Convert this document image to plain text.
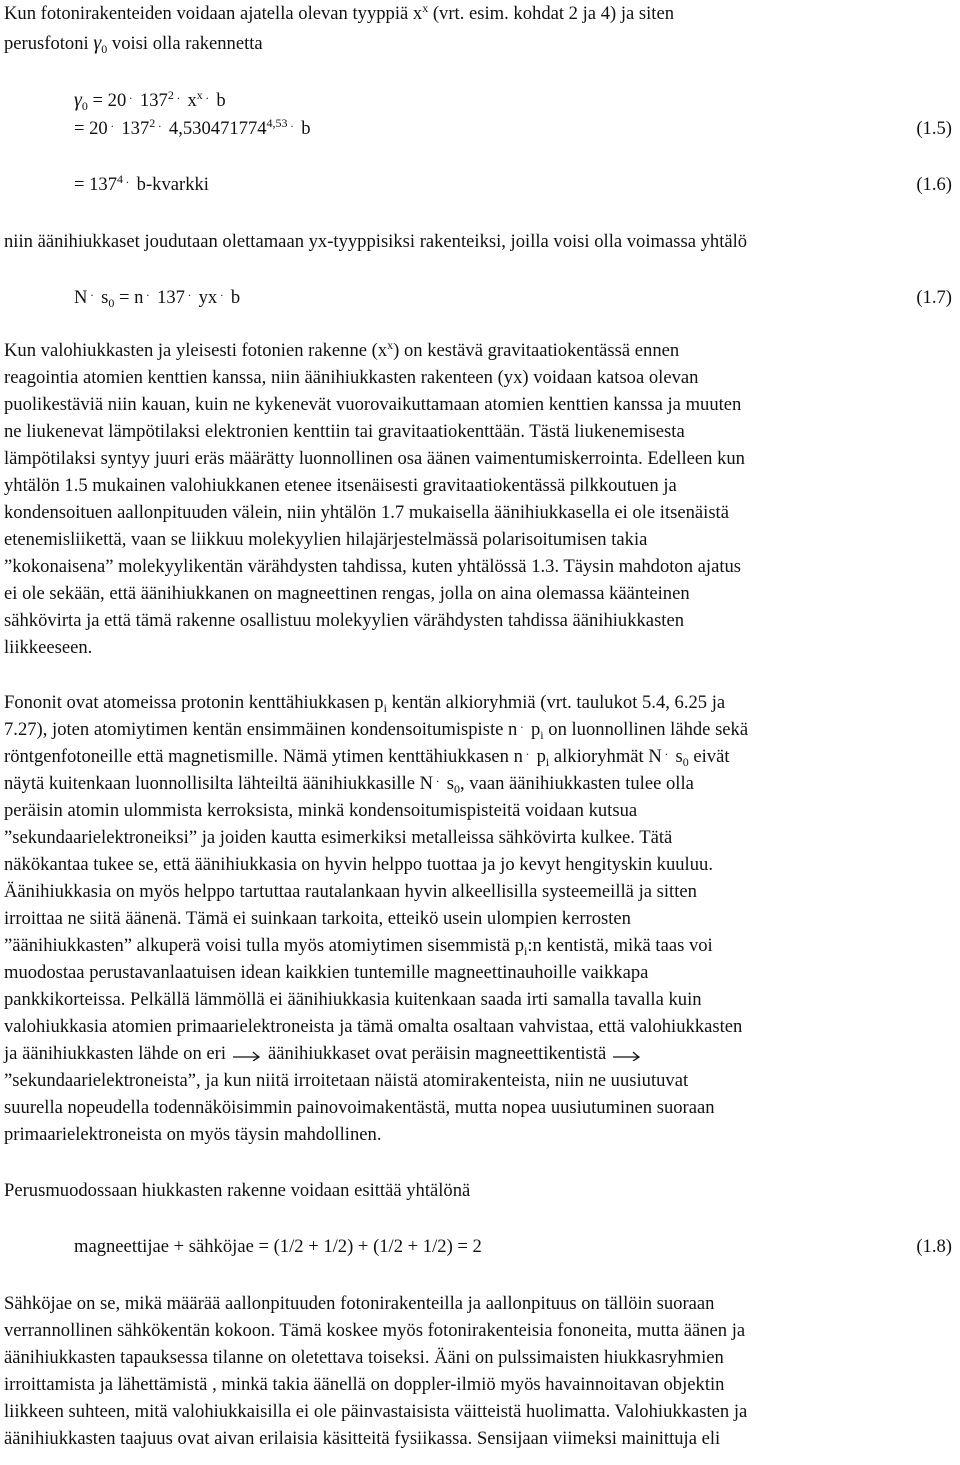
Kun fotonirakenteiden voidaan ajatella olevan tyyppiä $x^x$ (vrt. esim. kohdat 2 ja 4) ja siten
perusfotoni $\gamma_0$ voisi olla rakennetta
$\gamma_0 = 20$ . $137^2$ . $x^x$ . b
= 20 . $137^2$ . 4,530471774$^{4,53}$ . b	(1.5)
= $137^4$ . b-kvarkki	(1.6)
niin äänihiukkaset joudutaan olettamaan yx-tyyppisiksi rakenteiksi, joilla voisi olla voimassa yhtälö
N . $s_0 = n$ . 137 . yx . b	(1.7)
Kun valohiukkasten ja yleisesti fotonien rakenne $(x^x)$ on kestävä gravitaatiokentässä ennen
reagointia atomien kenttien kanssa, niin äänihiukkasten rakenteen (yx) voidaan katsoa olevan
puolikestäviä niin kauan, kuin ne kykenevät vuorovaikuttamaan atomien kenttien kanssa ja muuten
ne liukenevat lämpötilaksi elektronien kenttiin tai gravitaatiokenttään. Tästä liukenemisesta
lämpötilaksi syntyy juuri eräs määrätty luonnollinen osa äänen vaimentumiskerrointa. Edelleen kun
yhtälön 1.5 mukainen valohiukkanen etenee itsenäisesti gravitaatiokentässä pilkkoutuen ja
kondensoituen aallonpituuden välein, niin yhtälön 1.7 mukaisella äänihiukkasella ei ole itsenäistä
etenemisliikettä, vaan se liikkuu molekyylien hilajärjestelmässä polarisoitumisen takia
”kokonaisena” molekyylikentän värähdysten tahdissa, kuten yhtälössä 1.3. Täysin mahdoton ajatus
ei ole sekään, että äänihiukkanen on magneettinen rengas, jolla on aina olemassa käänteinen
sähkövirta ja että tämä rakenne osallistuu molekyylien värähdysten tahdissa äänihiukkasten
liikkeeseen.
Fononit ovat atomeissa protonin kenttähiukkasen $p_i$ kentän alkioryhmiä (vrt. taulukot 5.4, 6.25 ja
7.27), joten atomiytimen kentän ensimmäinen kondensoitumispiste n . $p_i$ on luonnollinen lähde sekä
röntgenfotoneille että magnetismille. Nämä ytimen kenttähiukkasen n . $p_i$ alkioryhmät N . $s_0$ eivät
näytä kuitenkaan luonnollisilta lähteiltä äänihiukkasille N . $s_0$, vaan äänihiukkasten tulee olla
peräisin atomin ulommista kerroksista, minkä kondensoitumispisteitä voidaan kutsua
”sekundaarielektroneiksi” ja joiden kautta esimerkiksi metalleissa sähkövirta kulkee. Tätä
näkökantaa tukee se, että äänihiukkasia on hyvin helppo tuottaa ja jo kevyt hengityskin kuuluu.
Äänihiukkasia on myös helppo tartuttaa rautalankaan hyvin alkeellisilla systeemeillä ja sitten
irroittaa ne siitä äänenä. Tämä ei suinkaan tarkoita, etteikö usein ulompien kerrosten
”äänihiukkasten” alkuperä voisi tulla myös atomiytimen sisemmistä $p_i:n$ kentistä, mikä taas voi
muodostaa perustavanlaatuisen idean kaikkien tuntemille magneettinauhoille vaikkapa
pankkikorteissa. Pelkällä lämmöllä ei äänihiukkasia kuitenkaan saada irti samalla tavalla kuin
valohiukkasia atomien primaarielektroneista ja tämä omalta osaltaan vahvistaa, että valohiukkasten
ja äänihiukkasten lähde on eri äänihiukkaset ovat peräisin magneettikentistä
”sekundaarielektroneista”, ja kun niitä irroitetaan näistä atomirakenteista, niin ne uusiutuvat
suurella nopeudella todennäköisimmin painovoimakentästä, mutta nopea uusiutuminen suoraan
primaarielektroneista on myös täysin mahdollinen.
Perusmuodossaan hiukkasten rakenne voidaan esittää yhtälönä
magneettijae + sähköjae = (1/2 + 1/2) + (1/2 + 1/2) = 2	(1.8)
Sähköjae on se, mikä määrää aallonpituuden fotonirakenteilla ja aallonpituus on tällöin suoraan
verrannollinen sähkökentän kokoon. Tämä koskee myös fotonirakenteisia fononeita, mutta äänen ja
äänihiukkasten tapauksessa tilanne on oletettava toiseksi. Ääni on pulssimaisten hiukkasryhmien
irroittamista ja lähettämistä , minkä takia äänellä on doppler-ilmiö myös havainnoitavan objektin
liikkeen suhteen, mitä valohiukkaisilla ei ole päinvastaisista väitteistä huolimatta. Valohiukkasten ja
äänihiukkasten taajuus ovat aivan erilaisia käsitteitä fysiikassa. Sensijaan viimeksi mainittuja eli
